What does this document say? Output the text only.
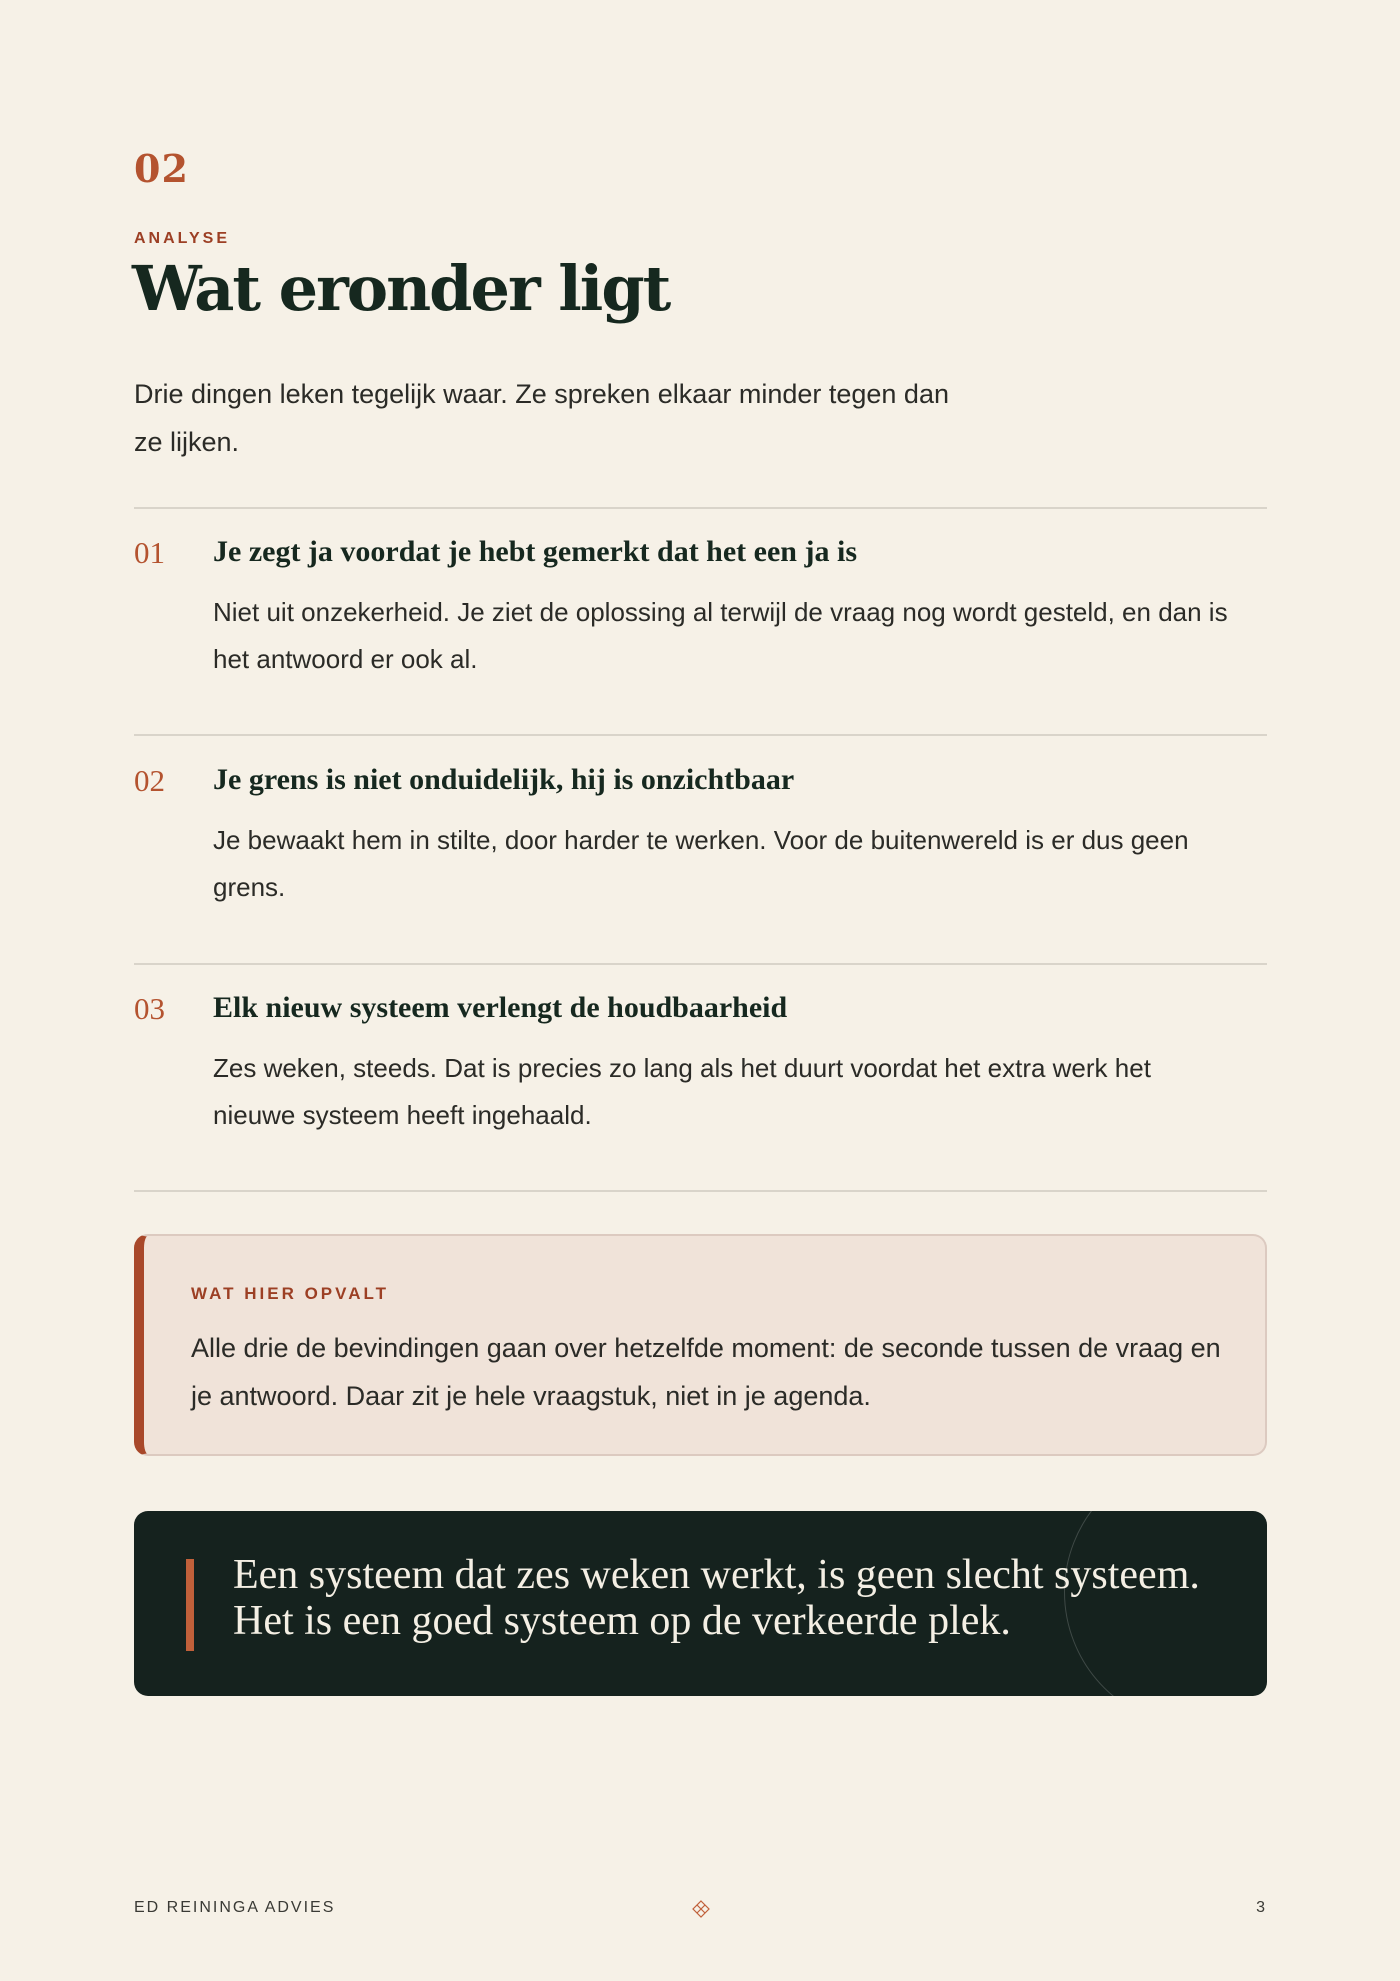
02
ANALYSE
Wat eronder ligt

Drie dingen leken tegelijk waar. Ze spreken elkaar minder tegen dan ze lijken.

01 Je zegt ja voordat je hebt gemerkt dat het een ja is

Niet uit onzekerheid. Je ziet de oplossing al terwijl de vraag nog wordt gesteld, en dan is het antwoord er ook al.

02 Je grens is niet onduidelijk, hij is onzichtbaar

Je bewaakt hem in stilte, door harder te werken. Voor de buitenwereld is er dus geen grens.

03 Elk nieuw systeem verlengt de houdbaarheid

Zes weken, steeds. Dat is precies zo lang als het duurt voordat het extra werk het nieuwe systeem heeft ingehaald.

WAT HIER OPVALT

Alle drie de bevindingen gaan over hetzelfde moment: de seconde tussen de vraag en je antwoord. Daar zit je hele vraagstuk, niet in je agenda.

Een systeem dat zes weken werkt, is geen slecht systeem. Het is een goed systeem op de verkeerde plek.

ED REININGA ADVIES	3
